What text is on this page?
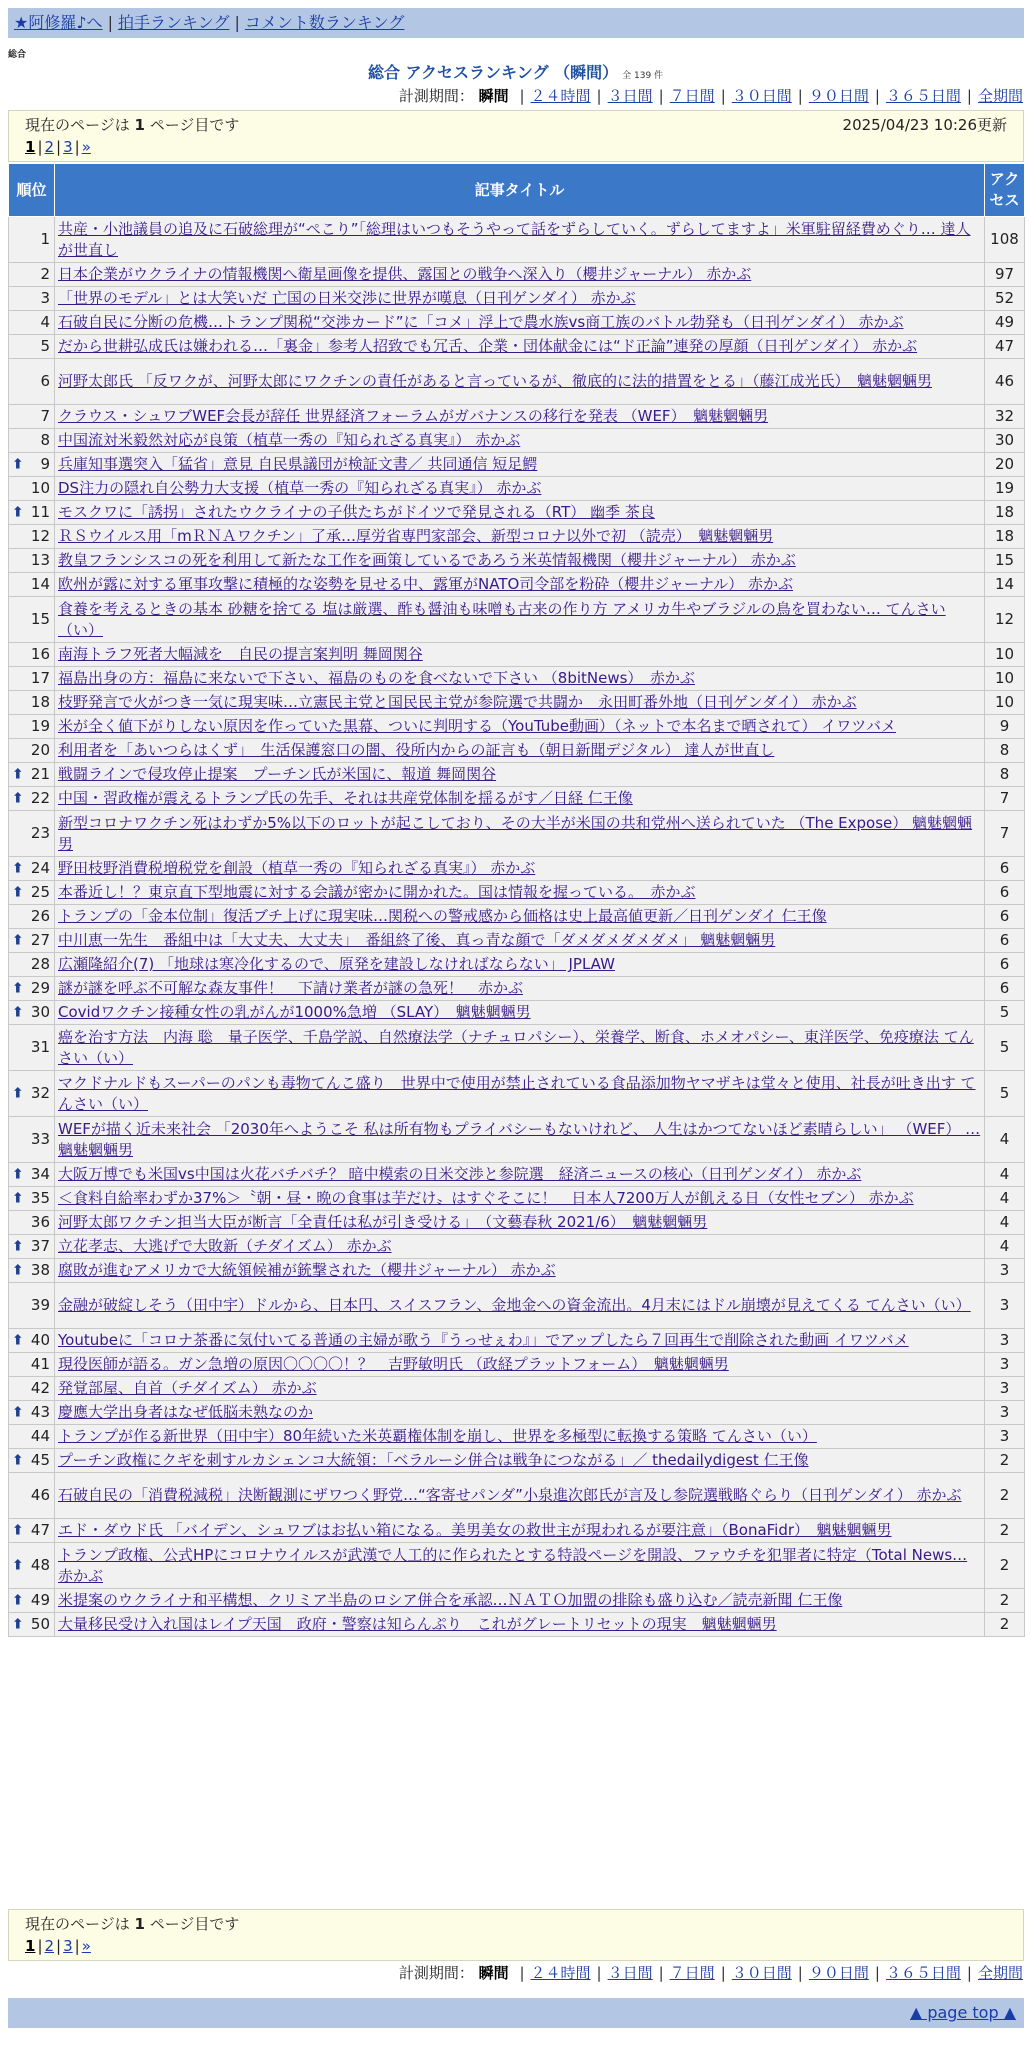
★阿修羅♪へ | 拍手ランキング | コメント数ランキング
総合
総合 アクセスランキング （瞬間） 全 139 件
計測期間： 瞬間 | ２４時間 | ３日間 | ７日間 | ３０日間 | ９０日間 | ３６５日間 | 全期間
現在のページは 1 ページ目です	2025/04/23 10:26更新
1 | 2 | 3 | »
順位	記事タイトル	アクセス
1	共産・小池議員の追及に石破総理が“ぺこり”「総理はいつもそうやって話をずらしていく。ずらしてますよ」米軍駐留経費めぐり… 達人が世直し	108
2	日本企業がウクライナの情報機関へ衛星画像を提供、露国との戦争へ深入り（櫻井ジャーナル） 赤かぶ	97
3	「世界のモデル」とは大笑いだ 亡国の日米交渉に世界が嘆息（日刊ゲンダイ） 赤かぶ	52
4	石破自民に分断の危機…トランプ関税“交渉カード”に「コメ」浮上で農水族vs商工族のバトル勃発も（日刊ゲンダイ） 赤かぶ	49
5	だから世耕弘成氏は嫌われる…「裏金」参考人招致でも冗舌、企業・団体献金には“ド正論”連発の厚顔（日刊ゲンダイ） 赤かぶ	47
6	河野太郎氏 「反ワクが、河野太郎にワクチンの責任があると言っているが、徹底的に法的措置をとる」（藤江成光氏）　魑魅魍魎男	46
7	クラウス・シュワブWEF会長が辞任 世界経済フォーラムがガバナンスの移行を発表 （WEF）　魑魅魍魎男	32
8	中国流対米毅然対応が良策（植草一秀の『知られざる真実』） 赤かぶ	30

⬆ 9	兵庫知事選突入「猛省」意見 自民県議団が検証文書／ 共同通信 短足鰐	20
10	DS注力の隠れ自公勢力大支援（植草一秀の『知られざる真実』） 赤かぶ	19

⬆ 11	モスクワに「誘拐」されたウクライナの子供たちがドイツで発見される（RT） 幽季 茶良	18
12	ＲＳウイルス用「mＲＮＡワクチン」了承…厚労省専門家部会、新型コロナ以外で初 （読売）　魑魅魍魎男	18
13	教皇フランシスコの死を利用して新たな工作を画策しているであろう米英情報機関（櫻井ジャーナル） 赤かぶ	15
14	欧州が露に対する軍事攻撃に積極的な姿勢を見せる中、露軍がNATO司令部を粉砕（櫻井ジャーナル） 赤かぶ	14
15	食養を考えるときの基本 砂糖を捨てる 塩は厳選、酢も醤油も味噌も古来の作り方 アメリカ牛やブラジルの鳥を買わない… てんさい（い）	12
16	南海トラフ死者大幅減を　自民の提言案判明 舞岡関谷	10
17	福島出身の方：福島に来ないで下さい、福島のものを食べないで下さい （8bitNews）　赤かぶ	10
18	枝野発言で火がつき一気に現実味…立憲民主党と国民民主党が参院選で共闘か　永田町番外地（日刊ゲンダイ） 赤かぶ	10
19	米が全く値下がりしない原因を作っていた黒幕、ついに判明する（YouTube動画）（ネットで本名まで晒されて） イワツバメ	9
20	利用者を「あいつらはくず」　生活保護窓口の闇、役所内からの証言も（朝日新聞デジタル） 達人が世直し	8

⬆ 21	戦闘ラインで侵攻停止提案　プーチン氏が米国に、報道 舞岡関谷	8

⬆ 22	中国・習政権が震えるトランプ氏の先手、それは共産党体制を揺るがす／日経 仁王像	7
23	新型コロナワクチン死はわずか5%以下のロットが起こしており、その大半が米国の共和党州へ送られていた （The Expose） 魑魅魍魎男	7

⬆ 24	野田枝野消費税増税党を創設（植草一秀の『知られざる真実』） 赤かぶ	6

⬆ 25	本番近し！？東京直下型地震に対する会議が密かに開かれた。国は情報を握っている。　赤かぶ	6
26	トランプの「金本位制」復活ブチ上げに現実味…関税への警戒感から価格は史上最高値更新／日刊ゲンダイ 仁王像	6

⬆ 27	中川恵一先生　番組中は「大丈夫、大丈夫」　番組終了後、真っ青な顔で「ダメダメダメダメ」 魑魅魍魎男	6
28	広瀬隆紹介(7) 「地球は寒冷化するので、原発を建設しなければならない」 JPLAW	6

⬆ 29	謎が謎を呼ぶ不可解な森友事件！　下請け業者が謎の急死！　赤かぶ	6

⬆ 30	Covidワクチン接種女性の乳がんが1000%急増 （SLAY）　魑魅魍魎男	5
31	癌を治す方法　内海 聡　量子医学、千島学説、自然療法学（ナチュロパシー）、栄養学、断食、ホメオパシー、東洋医学、免疫療法 てんさい（い）	5

⬆ 32	マクドナルドもスーパーのパンも毒物てんこ盛り　世界中で使用が禁止されている食品添加物ヤマザキは堂々と使用、社長が吐き出す てんさい（い）	5
33	WEFが描く近未来社会 「2030年へようこそ 私は所有物もプライバシーもないけれど、 人生はかつてないほど素晴らしい」 （WEF） … 魑魅魍魎男	4

⬆ 34	大阪万博でも米国vs中国は火花バチバチ？ 暗中模索の日米交渉と参院選　経済ニュースの核心（日刊ゲンダイ） 赤かぶ	4

⬆ 35	＜食料自給率わずか37%＞〝朝・昼・晩の食事は芋だけ〟はすぐそこに！　日本人7200万人が飢える日（女性セブン） 赤かぶ	4
36	河野太郎ワクチン担当大臣が断言「全責任は私が引き受ける」　（文藝春秋 2021/6）　魑魅魍魎男	4

⬆ 37	立花孝志、大逃げで大敗新（チダイズム） 赤かぶ	4

⬆ 38	腐敗が進むアメリカで大統領候補が銃撃された（櫻井ジャーナル） 赤かぶ	3
39	金融が破綻しそう（田中宇）ドルから、日本円、スイスフラン、金地金への資金流出。4月末にはドル崩壊が見えてくる てんさい（い）	3

⬆ 40	Youtubeに「コロナ茶番に気付いてる普通の主婦が歌う『うっせぇわ』」でアップしたら７回再生で削除された動画 イワツバメ	3
41	現役医師が語る。ガン急増の原因〇〇〇〇！？　吉野敏明氏 （政経プラットフォーム）　魑魅魍魎男	3
42	発覚部屋、自首（チダイズム） 赤かぶ	3

⬆ 43	慶應大学出身者はなぜ低脳未熟なのか	3
44	トランプが作る新世界（田中宇）80年続いた米英覇権体制を崩し、世界を多極型に転換する策略 てんさい（い）	3

⬆ 45	プーチン政権にクギを刺すルカシェンコ大統領：「ベラルーシ併合は戦争につながる」／ thedailydigest 仁王像	2
46	石破自民の「消費税減税」決断観測にザワつく野党…“客寄せパンダ”小泉進次郎氏が言及し参院選戦略ぐらり（日刊ゲンダイ） 赤かぶ	2

⬆ 47	エド・ダウド氏 「バイデン、シュワブはお払い箱になる。美男美女の救世主が現われるが要注意」（BonaFidr）　魑魅魍魎男	2

⬆ 48	トランプ政権、公式HPにコロナウイルスが武漢で人工的に作られたとする特設ページを開設、ファウチを犯罪者に特定（Total News… 赤かぶ	2

⬆ 49	米提案のウクライナ和平構想、クリミア半島のロシア併合を承認…ＮＡＴＯ加盟の排除も盛り込む／読売新聞 仁王像	2

⬆ 50	大量移民受け入れ国はレイプ天国　政府・警察は知らんぷり　これがグレートリセットの現実　魑魅魍魎男	2
現在のページは 1 ページ目です
1 | 2 | 3 | »
計測期間： 瞬間 | ２４時間 | ３日間 | ７日間 | ３０日間 | ９０日間 | ３６５日間 | 全期間
▲ page top ▲
